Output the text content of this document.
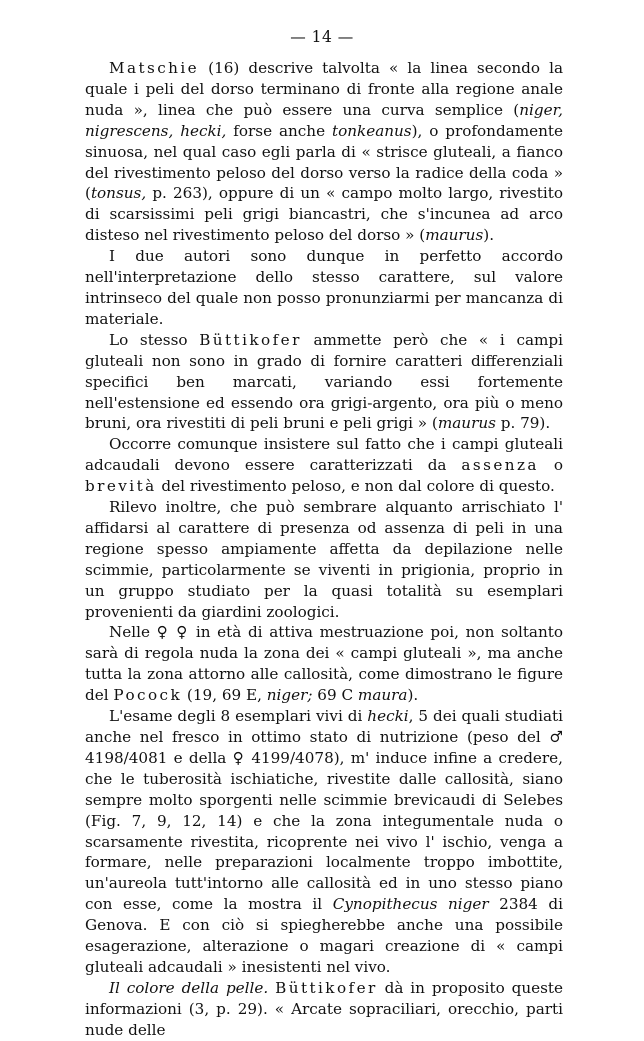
— 14 —

Matschie (16) descrive talvolta « la linea secondo la quale i peli del dorso terminano di fronte alla regione anale nuda », linea che può essere una curva semplice (niger, nigrescens, hecki, forse anche tonkeanus), o profondamente sinuosa, nel qual caso egli parla di « strisce gluteali, a fianco del rivestimento peloso del dorso verso la radice della coda » (tonsus, p. 263), oppure di un « campo molto largo, rivestito di scarsissimi peli grigi biancastri, che s'incunea ad arco disteso nel rivestimento peloso del dorso » (maurus).

I due autori sono dunque in perfetto accordo nell'interpretazione dello stesso carattere, sul valore intrinseco del quale non posso pronunziarmi per mancanza di materiale.

Lo stesso Büttikofer ammette però che « i campi gluteali non sono in grado di fornire caratteri differenziali specifici ben marcati, variando essi fortemente nell'estensione ed essendo ora grigi-argento, ora più o meno bruni, ora rivestiti di peli bruni e peli grigi » (maurus p. 79).

Occorre comunque insistere sul fatto che i campi gluteali adcaudali devono essere caratterizzati da assenza o brevità del rivestimento peloso, e non dal colore di questo.

Rilevo inoltre, che può sembrare alquanto arrischiato l' affidarsi al carattere di presenza od assenza di peli in una regione spesso ampiamente affetta da depilazione nelle scimmie, particolarmente se viventi in prigionia, proprio in un gruppo studiato per la quasi totalità su esemplari provenienti da giardini zoologici.

Nelle ♀ ♀ in età di attiva mestruazione poi, non soltanto sarà di regola nuda la zona dei « campi gluteali », ma anche tutta la zona attorno alle callosità, come dimostrano le figure del Pocock (19, 69 E, niger; 69 C maura).

L'esame degli 8 esemplari vivi di hecki, 5 dei quali studiati anche nel fresco in ottimo stato di nutrizione (peso del ♂ 4198/4081 e della ♀ 4199/4078), m' induce infine a credere, che le tuberosità ischiatiche, rivestite dalle callosità, siano sempre molto sporgenti nelle scimmie brevicaudi di Selebes (Fig. 7, 9, 12, 14) e che la zona integumentale nuda o scarsamente rivestita, ricoprente nei vivo l' ischio, venga a formare, nelle preparazioni localmente troppo imbottite, un'aureola tutt'intorno alle callosità ed in uno stesso piano con esse, come la mostra il Cynopithecus niger 2384 di Genova. E con ciò si spiegherebbe anche una possibile esagerazione, alterazione o magari creazione di « campi gluteali adcaudali » inesistenti nel vivo.

Il colore della pelle. Büttikofer dà in proposito queste informazioni (3, p. 29). « Arcate sopraciliari, orecchio, parti nude delle
